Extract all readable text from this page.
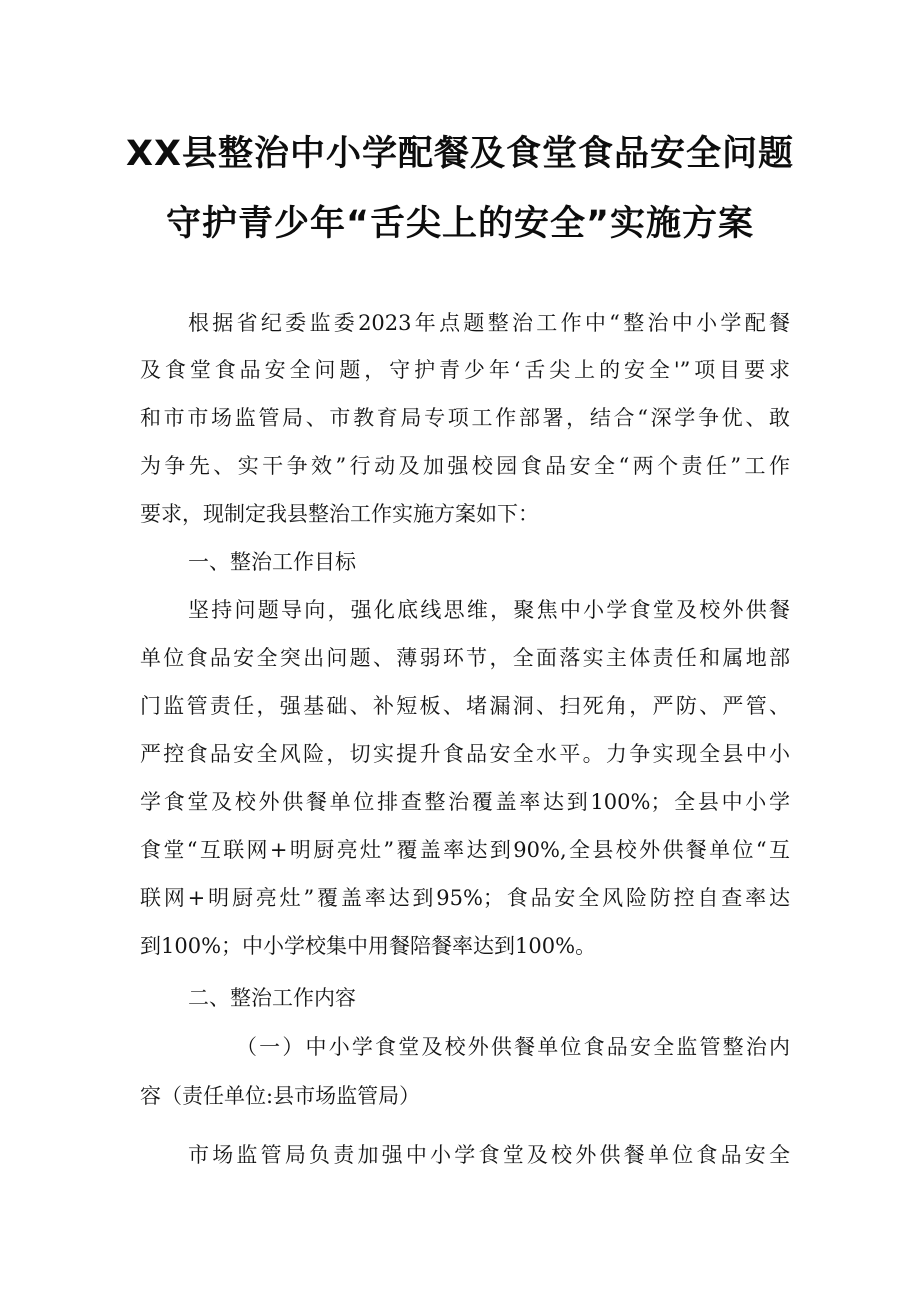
XX县整治中小学配餐及食堂食品安全问题
守护青少年“舌尖上的安全”实施方案
根据省纪委监委2023年点题整治工作中“整治中小学配餐
及食堂食品安全问题，守护青少年‘舌尖上的安全'”项目要求
和市市场监管局、市教育局专项工作部署，结合“深学争优、敢
为争先、实干争效”行动及加强校园食品安全“两个责任”工作
要求，现制定我县整治工作实施方案如下：
一、整治工作目标
坚持问题导向，强化底线思维，聚焦中小学食堂及校外供餐
单位食品安全突出问题、薄弱环节，全面落实主体责任和属地部
门监管责任，强基础、补短板、堵漏洞、扫死角，严防、严管、
严控食品安全风险，切实提升食品安全水平。力争实现全县中小
学食堂及校外供餐单位排查整治覆盖率达到100%；全县中小学
食堂“互联网+明厨亮灶”覆盖率达到90%,全县校外供餐单位“互
联网+明厨亮灶”覆盖率达到95%；食品安全风险防控自查率达
到100%；中小学校集中用餐陪餐率达到100%。
二、整治工作内容
（一）中小学食堂及校外供餐单位食品安全监管整治内
容（责任单位:县市场监管局）
市场监管局负责加强中小学食堂及校外供餐单位食品安全
